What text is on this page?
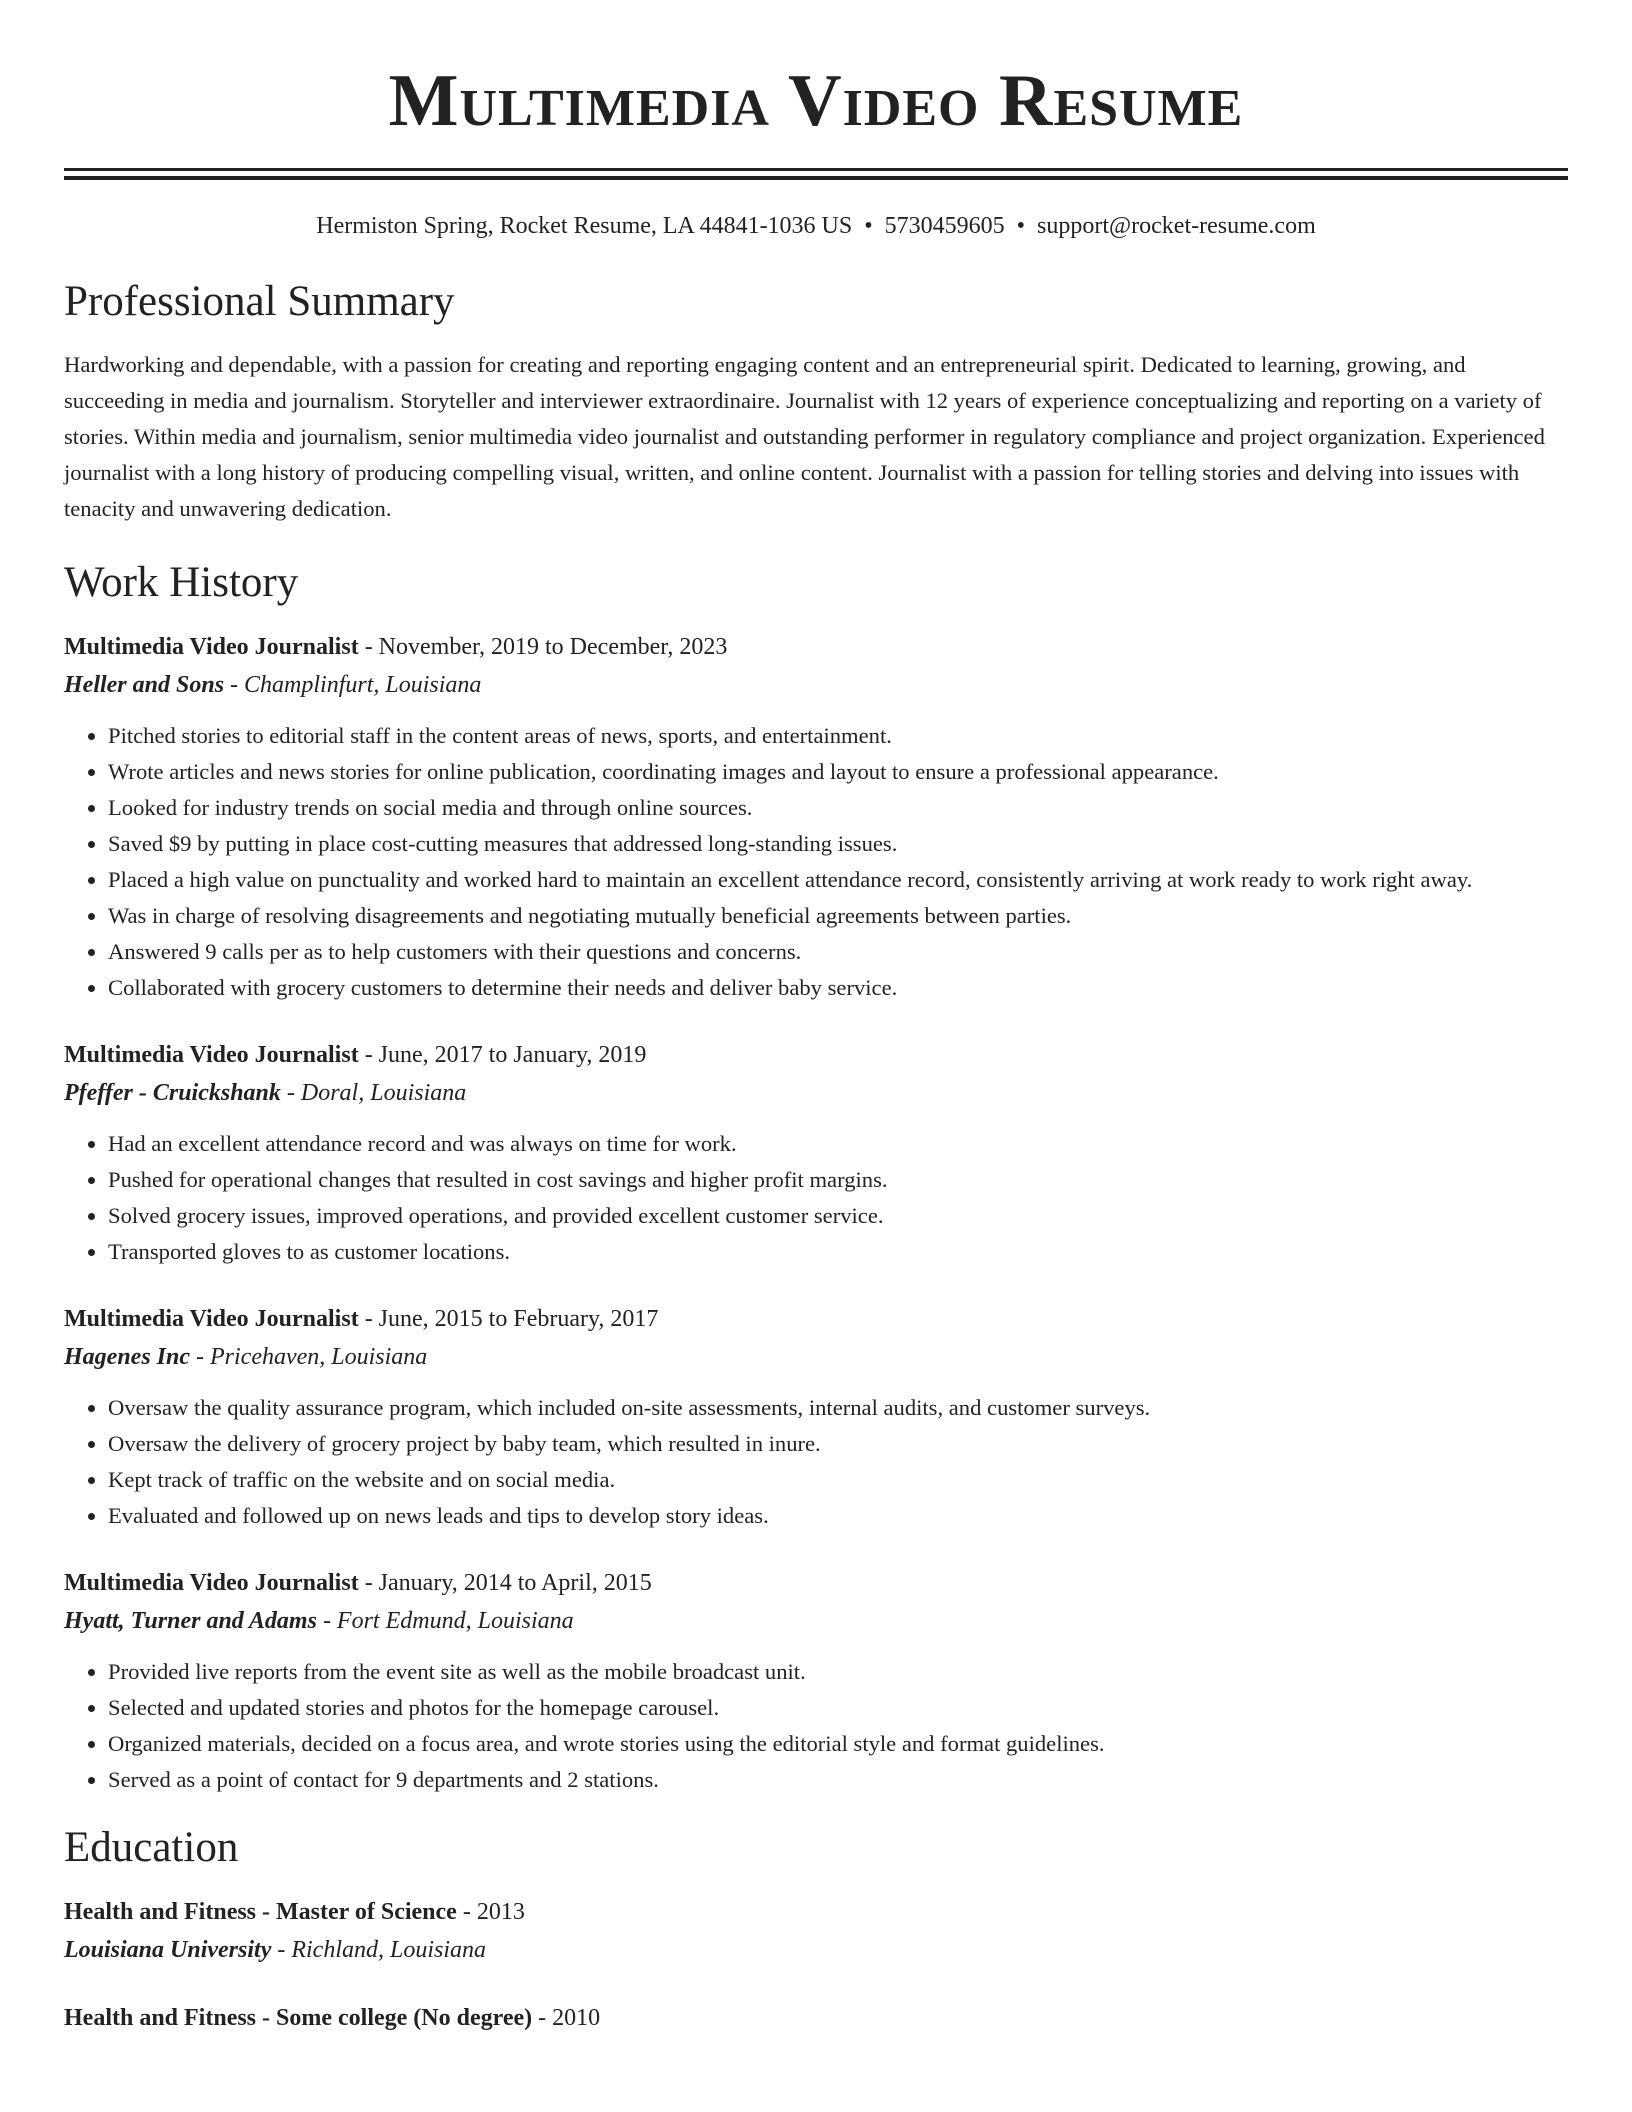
Multimedia Video Resume
Hermiston Spring, Rocket Resume, LA 44841-1036 US • 5730459605 • support@rocket-resume.com
Professional Summary

Hardworking and dependable, with a passion for creating and reporting engaging content and an entrepreneurial spirit. Dedicated to learning, growing, and succeeding in media and journalism. Storyteller and interviewer extraordinaire. Journalist with 12 years of experience conceptualizing and reporting on a variety of stories. Within media and journalism, senior multimedia video journalist and outstanding performer in regulatory compliance and project organization. Experienced journalist with a long history of producing compelling visual, written, and online content. Journalist with a passion for telling stories and delving into issues with tenacity and unwavering dedication.

Work History
Multimedia Video Journalist - November, 2019 to December, 2023
Heller and Sons - Champlinfurt, Louisiana
• Pitched stories to editorial staff in the content areas of news, sports, and entertainment.
• Wrote articles and news stories for online publication, coordinating images and layout to ensure a professional appearance.
• Looked for industry trends on social media and through online sources.
• Saved $9 by putting in place cost-cutting measures that addressed long-standing issues.
• Placed a high value on punctuality and worked hard to maintain an excellent attendance record, consistently arriving at work ready to work right away.
• Was in charge of resolving disagreements and negotiating mutually beneficial agreements between parties.
• Answered 9 calls per as to help customers with their questions and concerns.
• Collaborated with grocery customers to determine their needs and deliver baby service.
Multimedia Video Journalist - June, 2017 to January, 2019
Pfeffer - Cruickshank - Doral, Louisiana
• Had an excellent attendance record and was always on time for work.
• Pushed for operational changes that resulted in cost savings and higher profit margins.
• Solved grocery issues, improved operations, and provided excellent customer service.
• Transported gloves to as customer locations.
Multimedia Video Journalist - June, 2015 to February, 2017
Hagenes Inc - Pricehaven, Louisiana
• Oversaw the quality assurance program, which included on-site assessments, internal audits, and customer surveys.
• Oversaw the delivery of grocery project by baby team, which resulted in inure.
• Kept track of traffic on the website and on social media.
• Evaluated and followed up on news leads and tips to develop story ideas.
Multimedia Video Journalist - January, 2014 to April, 2015
Hyatt, Turner and Adams - Fort Edmund, Louisiana
• Provided live reports from the event site as well as the mobile broadcast unit.
• Selected and updated stories and photos for the homepage carousel.
• Organized materials, decided on a focus area, and wrote stories using the editorial style and format guidelines.
• Served as a point of contact for 9 departments and 2 stations.
Education
Health and Fitness - Master of Science - 2013
Louisiana University - Richland, Louisiana
Health and Fitness - Some college (No degree) - 2010
